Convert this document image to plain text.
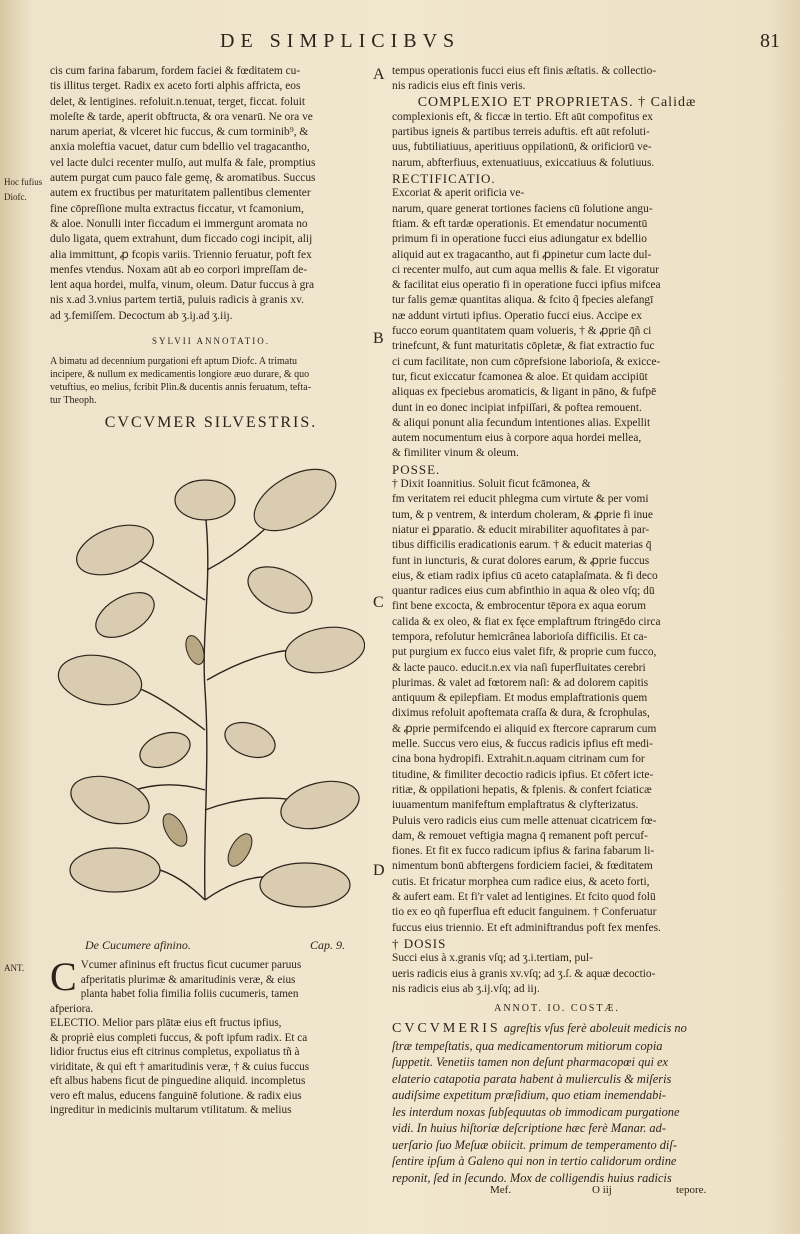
DE SIMPLICIBVS	81
A
B
C
D
Hoc fufius
Diofc.
ANT.
cis cum farina fabarum, fordem faciei & fœditatem cu-
tis illitus terget. Radix ex aceto forti alphis affricta, eos
delet, & lentigines. refoluit.n.tenuat, terget, ficcat. foluit
moleſte & tarde, aperit obftructa, & ora venarū. Ne ora ve
narum aperiat, & vlceret hic fuccus, & cum torminib⁹, &
anxia moleftia vacuet, datur cum bdellio vel tragacantho,
vel lacte dulci recenter mulſo, aut mulfa & fale, promptius
autem purgat cum pauco fale gemę, & aromatibus. Succus
autem ex fructibus per maturitatem pallentibus clementer
fine cōpreſſione multa extractus ficcatur, vt fcamonium,
& aloe. Nonulli inter ficcadum ei immergunt aromata no
dulo ligata, quem extrahunt, dum ficcado cogi incipit, alij
alia immittunt, ꝓ fcopis variis. Triennio feruatur, poft fex
menfes vtendus. Noxam aūt ab eo corpori impreſſam de-
lent aqua hordei, mulfa, vinum, oleum. Datur fuccus à gra
nis x.ad 3.vnius partem tertiā, puluis radicis à granis xv.
ad ʒ.femiſſem. Decoctum ab ʒ.iȷ.ad ʒ.iiȷ.

SYLVII ANNOTATIO.

A bimatu ad decennium purgationi eft aptum Diofc. A trimatu
incipere, & nullum ex medicamentis longiore æuo durare, & quo
vetuftius, eo melius, fcribit Plin.& ducentis annis feruatum, tefta-
tur Theoph.

CVCVMER SILVESTRIS.

De Cucumere afinino.	Cap. 9.
C Vcumer afininus eft fructus ficut cucumer paruus
afperitatis plurimæ & amaritudinis veræ, & eius
planta habet folia fimilia foliis cucumeris, tamen
afperiora.
ELECTIO. Melior pars plātæ eius eft fructus ipfius,
& propriè eius completi fuccus, & poft ipfum radix. Et ca
lidior fructus eius eft citrinus completus, expoliatus tñ à
viriditate, & qui eft † amaritudinis veræ, † & cuius fuccus
eft albus habens ficut de pinguedine aliquid. incompletus
vero eft malus, educens fanguinē folutione. & radix eius
ingreditur in medicinis multarum vtilitatum. & melius
tempus operationis fucci eius eft finis æſtatis. & collectio-
nis radicis eius eft finis veris.

COMPLEXIO ET PROPRIETAS. † Calidæ

complexionis eft, & ficcæ in tertio. Eft aūt compofitus ex
partibus igneis & partibus terreis aduftis. eft aūt refoluti-
uus, fubtiliatiuus, aperitiuus oppilationū, & orificiorū ve-
narum, abfterfiuus, extenuatiuus, exiccatiuus & folutiuus.

RECTIFICATIO.

Excoriat & aperit orificia ve-
narum, quare generat tortiones faciens cū folutione angu-
ftiam. & eft tardæ operationis. Et emendatur nocumentū
primum fi in operatione fucci eius adiungatur ex bdellio
aliquid aut ex tragacantho, aut fi ꝓpinetur cum lacte dul-
ci recenter mulfo, aut cum aqua mellis & fale. Et vigoratur
& facilitat eius operatio fi in operatione fucci ipfius mifcea
tur falis gemæ quantitas aliqua. & fcito q̃ fpecies alefangī
næ addunt virtuti ipfius. Operatio fucci eius. Accipe ex
fucco eorum quantitatem quam volueris, † & ꝓprie q̄ñ ci
trinefcunt, & funt maturitatis cōpletæ, & fiat extractio fuc
ci cum facilitate, non cum cōprefsione laborioſa, & exicce-
tur, ficut exiccatur fcamonea & aloe. Et quidam accipiūt
aliquas ex fpeciebus aromaticis, & ligant in pāno, & fufpē
dunt in eo donec incipiat infpiſſari, & poftea remouent.
& aliqui ponunt alia fecundum intentiones alias. Expellit
autem nocumentum eius à corpore aqua hordei mellea,
& fimiliter vinum & oleum.

POSSE.

† Dixit Ioannitius. Soluit ficut fcāmonea, &
fm veritatem rei educit phlegma cum virtute & per vomi
tum, & p ventrem, & interdum choleram, & ꝓprie fi inue
niatur ei ꝑparatio. & educit mirabiliter aquofitates à par-
tibus difficilis eradicationis earum. † & educit materias q̄
funt in iuncturis, & curat dolores earum, & ꝓprie fuccus
eius, & etiam radix ipfius cū aceto cataplaſmata. & fi deco
quantur radices eius cum abfinthio in aqua & oleo vſq; dū
fint bene excocta, & embrocentur tēpora ex aqua eorum
calida & ex oleo, & fiat ex fęce emplaftrum ftringēdo circa
tempora, refolutur hemicrânea laborioſa difficilis. Et ca-
put purgium ex fucco eius valet fifr, & proprie cum fucco,
& lacte pauco. educit.n.ex via naſi fuperfluitates cerebri
plurimas. & valet ad fœtorem naſi: & ad dolorem capitis
antiquum & epilepfiam. Et modus emplaftrationis quem
diximus refoluit apoftemata craſſa & dura, & fcrophulas,
& ꝓprie permifcendo ei aliquid ex ftercore caprarum cum
melle. Succus vero eius, & fuccus radicis ipfius eft medi-
cina bona hydropifi. Extrahit.n.aquam citrinam cum for
titudine, & fimiliter decoctio radicis ipfius. Et cōfert icte-
ritiæ, & oppilationi hepatis, & fplenis. & confert fciaticæ
iuuamentum manifeftum emplaftratus & clyfterizatus.
Puluis vero radicis eius cum melle attenuat cicatricem fœ-
dam, & remouet veftigia magna q̄ remanent poft percuf-
fiones. Et fit ex fucco radicum ipfius & farina fabarum li-
nimentum bonū abftergens fordiciem faciei, & fœditatem
cutis. Et fricatur morphea cum radice eius, & aceto forti,
& aufert eam. Et fi'r valet ad lentigines. Et fcito quod folū
tio ex eo qñ fuperflua eft educit fanguinem. † Conferuatur
fuccus eius triennio. Et eft adminiftrandus poft fex menfes.

† DOSIS

Succi eius à x.granis vſq; ad ʒ.i.tertiam, pul-
ueris radicis eius à granis xv.vſq; ad ʒ.ſ. & aquæ decoctio-
nis radicis eius ab ʒ.ij.vſq; ad iiȷ.

ANNOT. IO. COSTÆ.

CVCVMERIS agreſtis vſus ferè aboleuit medicis no
ſtræ tempeſtatis, qua medicamentorum mitiorum copia
ſuppetit. Venetiis tamen non deſunt pharmacopœi qui ex
elaterio catapotia parata habent à mulierculis & miſeris
audiſsime expetitum præſidium, quo etiam inemendabi-
les interdum noxas ſubſequutas ob immodicam purgatione
vidi. In huius hiſtoriæ deſcriptione hæc ferè Manar. ad-
uerſario ſuo Meſuæ obiicit. primum de temperamento diſ-
ſentire ipſum à Galeno qui non in tertio calidorum ordine
reponit, ſed in ſecundo. Mox de colligendis huius radicis
Mef.	O iij	tepore.
